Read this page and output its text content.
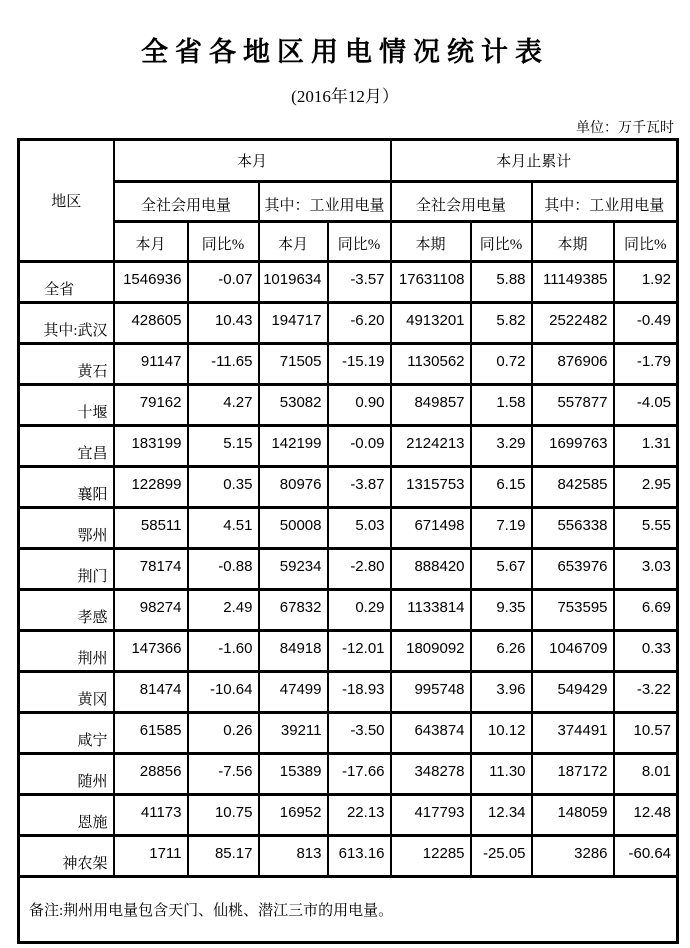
全省各地区用电情况统计表
(2016年12月）
单位：万千瓦时
地区	本月				本月止累计			
	全社会用电量		其中：工业用电量		全社会用电量		其中：工业用电量	
	本月	同比%	本月	同比%	本期	同比%	本期	同比%
全省	1546936	-0.07	1019634	-3.57	17631108	5.88	11149385	1.92
其中:武汉	428605	10.43	194717	-6.20	4913201	5.82	2522482	-0.49
黄石	91147	-11.65	71505	-15.19	1130562	0.72	876906	-1.79
十堰	79162	4.27	53082	0.90	849857	1.58	557877	-4.05
宜昌	183199	5.15	142199	-0.09	2124213	3.29	1699763	1.31
襄阳	122899	0.35	80976	-3.87	1315753	6.15	842585	2.95
鄂州	58511	4.51	50008	5.03	671498	7.19	556338	5.55
荆门	78174	-0.88	59234	-2.80	888420	5.67	653976	3.03
孝感	98274	2.49	67832	0.29	1133814	9.35	753595	6.69
荆州	147366	-1.60	84918	-12.01	1809092	6.26	1046709	0.33
黄冈	81474	-10.64	47499	-18.93	995748	3.96	549429	-3.22
咸宁	61585	0.26	39211	-3.50	643874	10.12	374491	10.57
随州	28856	-7.56	15389	-17.66	348278	11.30	187172	8.01
恩施	41173	10.75	16952	22.13	417793	12.34	148059	12.48
神农架	1711	85.17	813	613.16	12285	-25.05	3286	-60.64
备注:荆州用电量包含天门、仙桃、潜江三市的用电量。								
